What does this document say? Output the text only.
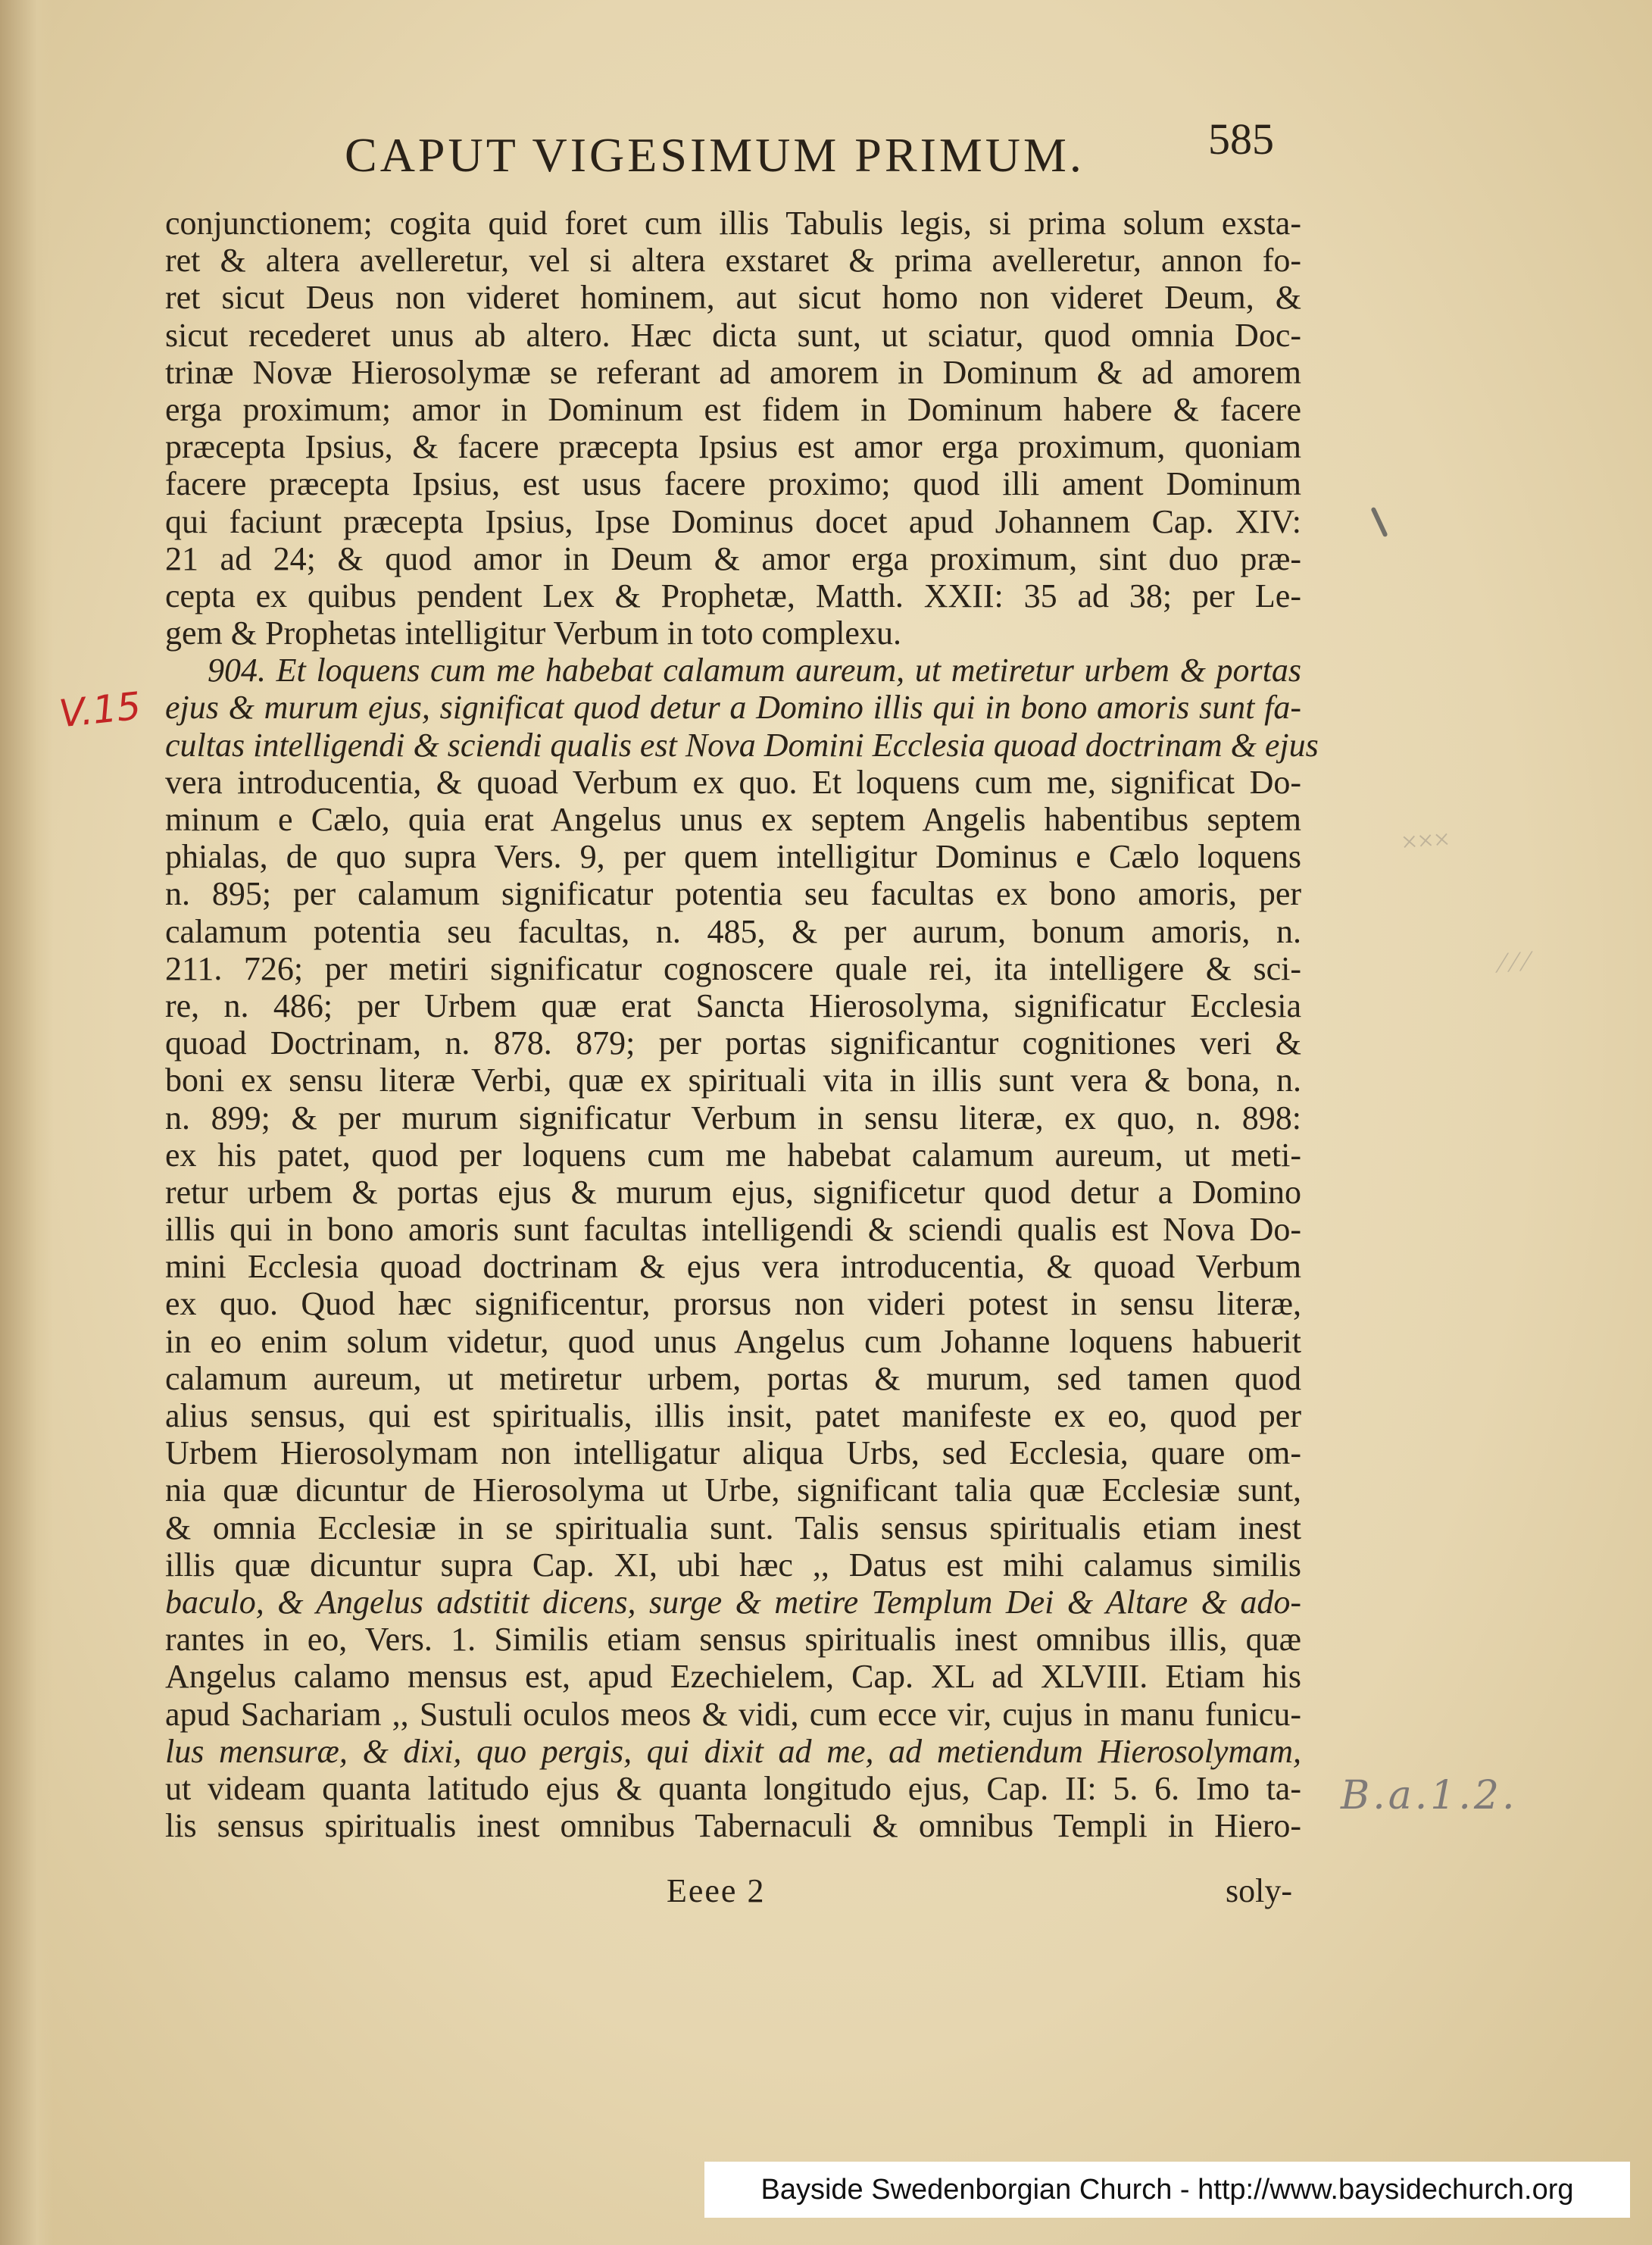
CAPUT VIGESIMUM PRIMUM.	585
conjunctionem; cogita quid foret cum illis Tabulis legis, si prima solum exsta-
ret & altera avelleretur, vel si altera exstaret & prima avelleretur, annon fo-
ret sicut Deus non videret hominem, aut sicut homo non videret Deum, &
sicut recederet unus ab altero. Hæc dicta sunt, ut sciatur, quod omnia Doc-
trinæ Novæ Hierosolymæ se referant ad amorem in Dominum & ad amorem
erga proximum; amor in Dominum est fidem in Dominum habere & facere
præcepta Ipsius, & facere præcepta Ipsius est amor erga proximum, quoniam
facere præcepta Ipsius, est usus facere proximo; quod illi ament Dominum
qui faciunt præcepta Ipsius, Ipse Dominus docet apud Johannem Cap. XIV:
21 ad 24; & quod amor in Deum & amor erga proximum, sint duo præ-
cepta ex quibus pendent Lex & Prophetæ, Matth. XXII: 35 ad 38; per Le-
gem & Prophetas intelligitur Verbum in toto complexu.
904. Et loquens cum me habebat calamum aureum, ut metiretur urbem & portas
ejus & murum ejus, significat quod detur a Domino illis qui in bono amoris sunt fa-
cultas intelligendi & sciendi qualis est Nova Domini Ecclesia quoad doctrinam & ejus
vera introducentia, & quoad Verbum ex quo. Et loquens cum me, significat Do-
minum e Cælo, quia erat Angelus unus ex septem Angelis habentibus septem
phialas, de quo supra Vers. 9, per quem intelligitur Dominus e Cælo loquens
n. 895; per calamum significatur potentia seu facultas ex bono amoris, per
calamum potentia seu facultas, n. 485, & per aurum, bonum amoris, n.
211. 726; per metiri significatur cognoscere quale rei, ita intelligere & sci-
re, n. 486; per Urbem quæ erat Sancta Hierosolyma, significatur Ecclesia
quoad Doctrinam, n. 878. 879; per portas significantur cognitiones veri &
boni ex sensu literæ Verbi, quæ ex spirituali vita in illis sunt vera & bona, n.
n. 899; & per murum significatur Verbum in sensu literæ, ex quo, n. 898:
ex his patet, quod per loquens cum me habebat calamum aureum, ut meti-
retur urbem & portas ejus & murum ejus, significetur quod detur a Domino
illis qui in bono amoris sunt facultas intelligendi & sciendi qualis est Nova Do-
mini Ecclesia quoad doctrinam & ejus vera introducentia, & quoad Verbum
ex quo. Quod hæc significentur, prorsus non videri potest in sensu literæ,
in eo enim solum videtur, quod unus Angelus cum Johanne loquens habuerit
calamum aureum, ut metiretur urbem, portas & murum, sed tamen quod
alius sensus, qui est spiritualis, illis insit, patet manifeste ex eo, quod per
Urbem Hierosolymam non intelligatur aliqua Urbs, sed Ecclesia, quare om-
nia quæ dicuntur de Hierosolyma ut Urbe, significant talia quæ Ecclesiæ sunt,
& omnia Ecclesiæ in se spiritualia sunt. Talis sensus spiritualis etiam inest
illis quæ dicuntur supra Cap. XI, ubi hæc ,, Datus est mihi calamus similis
baculo, & Angelus adstitit dicens, surge & metire Templum Dei & Altare & ado-
rantes in eo, Vers. 1. Similis etiam sensus spiritualis inest omnibus illis, quæ
Angelus calamo mensus est, apud Ezechielem, Cap. XL ad XLVIII. Etiam his
apud Sachariam ,, Sustuli oculos meos & vidi, cum ecce vir, cujus in manu funicu-
lus mensuræ, & dixi, quo pergis, qui dixit ad me, ad metiendum Hierosolymam,
ut videam quanta latitudo ejus & quanta longitudo ejus, Cap. II: 5. 6. Imo ta-
lis sensus spiritualis inest omnibus Tabernaculi & omnibus Templi in Hiero-
Eeee 2	soly-
V.15
B.a.1.2.
×××
⁄ ⁄ ⁄
Bayside Swedenborgian Church - http://www.baysidechurch.org
